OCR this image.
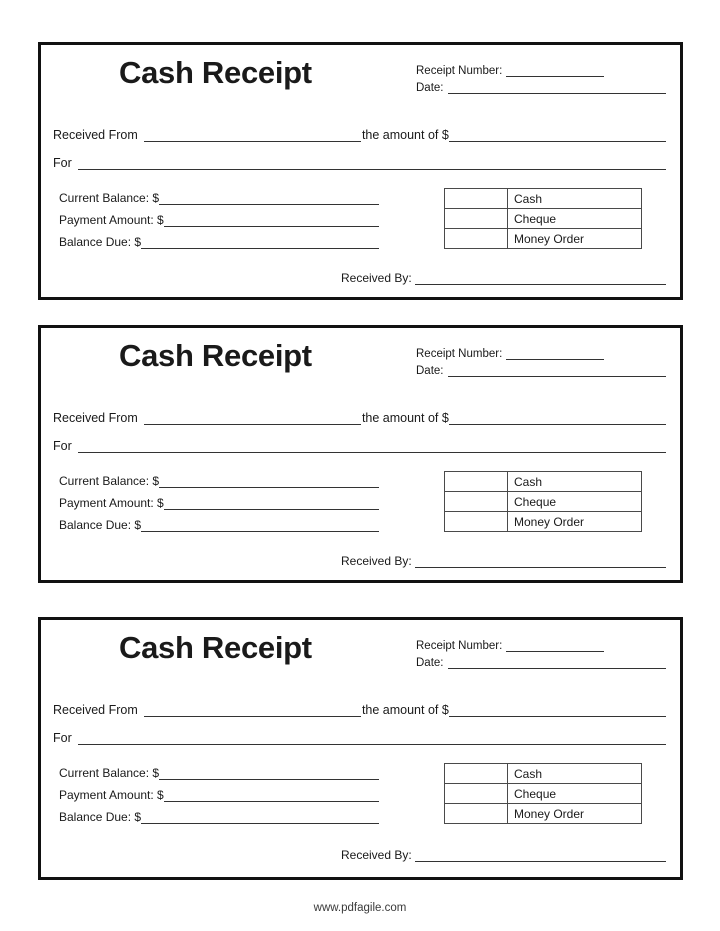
Cash Receipt	Receipt Number:
Date:
Received From	the amount of $
For
Current Balance: $
Payment Amount: $
Balance Due: $
	Cash
	Cheque
	Money Order
Received By:
Cash Receipt	Receipt Number:
Date:
Received From	the amount of $
For
Current Balance: $
Payment Amount: $
Balance Due: $
	Cash
	Cheque
	Money Order
Received By:
Cash Receipt	Receipt Number:
Date:
Received From	the amount of $
For
Current Balance: $
Payment Amount: $
Balance Due: $
	Cash
	Cheque
	Money Order
Received By:
www.pdfagile.com
